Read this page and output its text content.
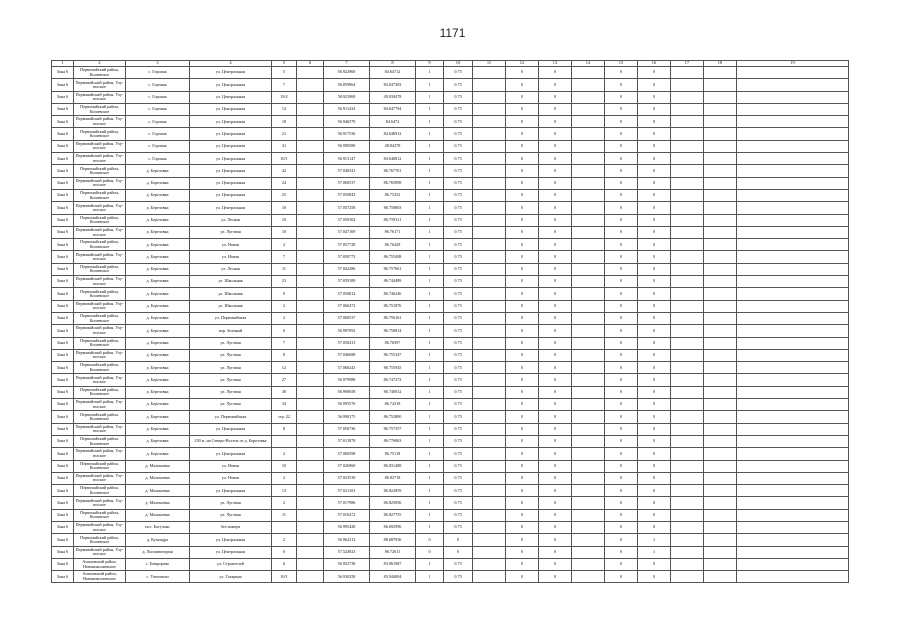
1171
1	2	3	4	5	6	7	8	9	10	11	12	13	14	15	16	17	18	19
Зона 6	Первомайский район, Кошевское	с. Гороань	ул. Центральная	5		56.922960	84.64712	1	0.75		0	0		0	0			
Зона 6	Первомайский район, Улу-юлское	с. Гороань	ул. Центральная	7		56.859964	84.047303	1	0.75		0	0		0	0			
Зона 6	Первомайский район, Улу-юлское	с. Гороань	ул. Центральная	19/2		58.921869	49.030478	1	0.75		0	0		0	0			
Зона 6	Первомайский район, Кошевское	с. Гороань	ул. Центральная	14		56.911434	84.647794	1	0.75		0	0		0	0			
Зона 6	Первомайский район, Улу-юлское	с. Гороань	ул. Центральная	18		56.946579	84.6472	1	0.75		0	0		0	0			
Зона 6	Первомайский район, Кошевское	с. Гороань	ул. Центральная	21		56.917536	84.646912	1	0.75		0	0		0	0			
Зона 6	Первомайский район, Улу-юлское	с. Гороань	ул. Центральная	41		56.990580	48.84278	1	0.75		0	0		0	0			
Зона 6	Первомайский район, Улу-юлское	с. Гороань	ул. Центральная	10/1		56.913147	84.646812	1	0.75		0	0		0	0			
Зона 6	Первомайский район, Кошевское	д. Березовка	ул. Центральная	42		57.040341	86.767701	1	0.75		0	0		0	0			
Зона 6	Первомайский район, Улу-юлское	д. Березовка	ул. Центральная	24		57.060537	86.765898	1	0.75		0	0		0	0			
Зона 6	Первомайский район, Кошевское	д. Березовка	ул. Центральная	25		57.050843	86.75252	1	0.75		0	0		0	0			
Зона 6	Первомайский район, Улу-юлское	д. Березовка	ул. Центральная	16		57.057258	86.750803	1	0.75		0	0		0	0			
Зона 6	Первомайский район, Кошевское	д. Березовка	ул. Лесная	10		57.050302	86.759311	1	0.75		0	0		0	0			
Зона 6	Первомайский район, Улу-юлское	д. Березовка	ул. Луговая	16		57.047169	86.76171	1	0.75		0	0		0	0			
Зона 6	Первомайский район, Кошевское	д. Березовка	ул. Новая	2		57.057728	86.76428	1	0.75		0	0		0	0			
Зона 6	Первомайский район, Улу-юлское	д. Березовка	ул. Новая	7		57.050773	86.755408	1	0.75		0	0		0	0			
Зона 6	Первомайский район, Кошевское	д. Березовка	ул. Лесная	11		57.042286	86.757661	1	0.75		0	0		0	0			
Зона 6	Первомайский район, Улу-юлское	д. Березовка	ул. Школьная	23		57.059189	86.744489	1	0.75		0	0		0	0			
Зона 6	Первомайский район, Кошевское	д. Березовка	ул. Школьная	9		57.050812	86.746246	1	0.75		0	0		0	0			
Зона 6	Первомайский район, Улу-юлское	д. Березовка	ул. Школьная	2		57.060472	86.751876	1	0.75		0	0		0	0			
Зона 6	Первомайский район, Кошевское	д. Березовка	ул. Первомайская	2		57.060537	86.756161	1	0.75		0	0		0	0			
Зона 6	Первомайский район, Улу-юлское	д. Березовка	пер. Зеленый	6		56.997092	86.750814	1	0.75		0	0		0	0			
Зона 6	Первомайский район, Кошевское	д. Березовка	ул. Луговая	7		57.050413	86.76597	1	0.75		0	0		0	0			
Зона 6	Первомайский район, Улу-юлское	д. Березовка	ул. Луговая	8		57.046688	86.755347	1	0.75		0	0		0	0			
Зона 6	Первомайский район, Кошевское	д. Березовка	ул. Луговая	12		57.060243	86.755945	1	0.75		0	0		0	0			
Зона 6	Первомайский район, Улу-юлское	д. Березовка	ул. Луговая	27		56.979988	86.747273	1	0.75		0	0		0	0			
Зона 6	Первомайский район, Кошевское	д. Березовка	ул. Луговая	40		56.990658	86.740012	1	0.75		0	0		0	0			
Зона 6	Первомайский район, Улу-юлское	д. Березовка	ул. Луговая	34		56.995576	86.74318	1	0.75		0	0		0	0			
Зона 6	Первомайский район, Кошевское	д. Березовка	ул. Первомайская	стр. 22		56.998175	86.752800	1	0.75		0	0		0	0			
Зона 6	Первомайский район, Улу-юлское	д. Березовка	ул. Центральная	8		57.050736	86.757357	1	0.75		0	0		0	0			
Зона 6	Первомайский район, Кошевское	д. Березовка	250 м. на Северо-Восток от д. Березовка			57.011878	86.776863	1	0.75		0	0		0	0			
Зона 6	Первомайский район, Улу-юлское	д. Березовка	ул. Центральная	2		57.060598	86.75118	1	0.75		0	0		0	0			
Зона 6	Первомайский район, Кошевское	д. Малиновка	ул. Новая	10		57.026960	86.831488	1	0.75		0	0		0	0			
Зона 6	Первомайский район, Улу-юлское	д. Малиновка	ул. Новая	2		57.023539	86.82718	1	0.75		0	0		0	0			
Зона 6	Первомайский район, Кошевское	д. Малиновка	ул. Центральная	13		57.021103	86.822859	1	0.75		0	0		0	0			
Зона 6	Первомайский район, Улу-юлское	д. Малиновка	ул. Луговая	2		57.017986	86.825856	1	0.75		0	0		0	0			
Зона 6	Первомайский район, Кошевское	д. Малиновка	ул. Луговая	11		57.016472	86.827755	1	0.75		0	0		0	0			
Зона 6	Первомайский район, Улу-юлское	пос. Басучанс	без номера			56.995428	86.692996	1	0.75		0	0		0	0			
Зона 6	Первомайский район, Кошевское	д. Кузьмдра	ул. Центральная	2		56.962213	88.687936	0	0		0	0		0	1			
Зона 6	Первомайский район, Улу-юлское	д. Лиллипитория	ул. Центральная	6		57.524923	86.72611	0	0		0	0		0	1			
Зона 6	Асиновский район, Новониколаевское	с. Ежирорево	ул. Строителей	6		56.952738	83.961987	1	0.75		0	0		0	0			
Зона 6	Асиновский район, Новониколаевское	с. Узенчатан	ул. Гагарина	10/1		56.930258	83.944004	1	0.75		0	0		0	0			
